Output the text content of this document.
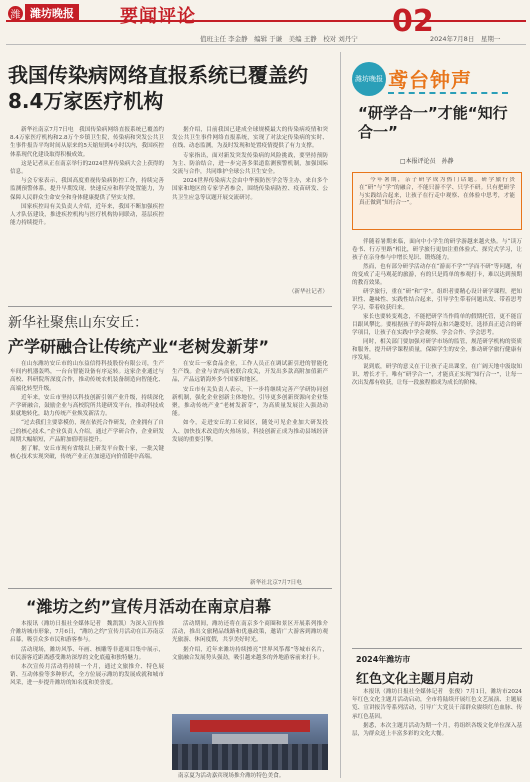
潍 潍坊晚报	要闻评论	02
值班主任 李金静　编辑 于谦　美编 王静　校对 刘丹宁	2024年7月8日　星期一
我国传染病网络直报系统已覆盖约8.4万家医疗机构

新华社南京7月7日电　我国传染病网络直报系统已覆盖约8.4万家医疗机构和2.8万个乡镇卫生院，传染病和突发公共卫生事件报告平均时间从原来的5天缩短到4小时以内，我国疾控体系现代化建设取得积极成效。

这是记者从正在南京举行的2024世界传染病大会上获得的信息。

与会专家表示，我国高度重视传染病防控工作，持续完善监测预警体系，提升早期发现、快速反应和科学处置能力，为保障人民群众生命安全和身体健康提供了坚实支撑。

国家疾控局有关负责人介绍，近年来，我国不断加强疾控人才队伍建设，推进疾控机构与医疗机构协同联动，基层疾控能力持续提升。

据介绍，目前我国已建成全球规模最大的传染病疫情和突发公共卫生事件网络直报系统，实现了对法定传染病的实时、在线、动态监测，为及时发现和处置疫情提供了有力支撑。

专家指出，面对新发突发传染病的风险挑战，要坚持预防为主、防治结合，进一步完善多渠道监测预警机制，加强国际交流与合作，共同维护全球公共卫生安全。

2024世界传染病大会由中华预防医学会等主办，来自多个国家和地区的专家学者参会，围绕传染病防控、疫苗研发、公共卫生应急等议题开展交流研讨。

（新华社记者）
新华社聚焦山东安丘：
产学研融合让传统产业“老树发新芽”

在山东潍坊安丘市的山东益信得科技股份有限公司，生产车间内机器轰鸣，一台台智能设备有序运转。这家企业通过与高校、科研院所深度合作，推动传统农机装备制造向智能化、高端化转型升级。

近年来，安丘市坚持以科技创新引领产业升级，持续深化产学研融合，鼓励企业与高校院所共建研发平台，推动科技成果就地转化，助力传统产业焕发新活力。

“过去我们主要靠模仿，现在依托合作研发，企业拥有了自己的核心技术。”企业负责人介绍，通过产学研合作，企业研发周期大幅缩短，产品附加值明显提升。

据了解，安丘市现有省级以上研发平台数十家，一批关键核心技术实现突破，传统产业正在加速迈向价值链中高端。

在安丘一家食品企业，工作人员正在调试新引进的智能化生产线。企业与省内高校联合攻关，开发出多款高附加值新产品，产品远销海外多个国家和地区。

安丘市有关负责人表示，下一步将继续完善产学研协同创新机制，强化企业创新主体地位，引导更多创新资源向企业集聚，推动传统产业“老树发新芽”，为高质量发展注入强劲动能。

如今，走进安丘的工业园区，随处可见企业加大研发投入、加快技术改造的火热场景，科技创新正成为推动县域经济发展的重要引擎。

新华社北京7月7日电
“潍坊之约”宣传月活动在南京启幕

本报讯（潍坊日报社全媒体记者　魏凯凯）为深入宣传推介潍坊城市形象，7月6日，“潍坊之约”宣传月活动在江苏南京启幕，吸引众多市民和游客参与。

活动现场，潍坊风筝、年画、核雕等非遗项目集中展示，市民游客近距离感受潍坊深厚的文化底蕴和独特魅力。

本次宣传月活动将持续一个月，通过文旅推介、特色展销、互动体验等多种形式，全方位展示潍坊的发展成就和城市风采，进一步提升潍坊的知名度和美誉度。

活动期间，潍坊还将在南京多个商圈和景区开展系列推介活动，推出文旅精品线路和优惠政策，邀请广大游客到潍坊观光旅游、休闲度假，共享美好时光。

据介绍，近年来潍坊持续擦亮“世界风筝都”等城市名片，文旅融合发展势头强劲，吸引越来越多的外地游客前来打卡。

南京夏为活动嘉宾现场推介潍坊特色美食。
潍坊晚报 鸢台钟声
“研学合一”才能“知行合一”
□本报评论员　孙静

今年暑期，亲子研学成为热门话题。研学旅行贵在“研”与“学”的融合，不能只游不学、只学不研。只有把研学与实践结合起来，让孩子在行走中观察、在体验中思考，才能真正做到“知行合一”。

伴随着暑期来临，面向中小学生的研学游越来越火热。与“读万卷书、行万里路”相比，研学旅行更加注重体验式、探究式学习，让孩子在亲身参与中增长见识、锻炼能力。

然而，也有部分研学活动存在“游而不学”“学而不研”等问题，有的变成了走马观花的旅游，有的只是简单的参观打卡，难以达到预期的教育效果。

研学旅行，重在“研”和“学”。组织者要精心设计研学课程，把知识性、趣味性、实践性结合起来，引导学生带着问题出发、带着思考学习、带着收获归来。

家长也要转变观念，不能把研学当作简单的假期托管，更不能盲目跟风攀比。要根据孩子的年龄特点和兴趣爱好，选择真正适合的研学项目，让孩子在实践中学会观察、学会合作、学会思考。

同时，相关部门要加强对研学市场的监管，规范研学机构的资质和服务，提升研学课程质量，保障学生的安全，推动研学旅行健康有序发展。

说到底，研学的意义在于让孩子走出课堂，在广阔天地中汲取知识、增长才干。唯有“研学合一”，才能真正实现“知行合一”，让每一次出发都有收获，让每一段旅程都成为成长的阶梯。

2024年潍坊市
红色文化主题月启动

本报讯（潍坊日报社全媒体记者　张俊）7月1日，潍坊市2024年红色文化主题月活动启动，全市将陆续开展红色文艺展演、主题展览、宣讲报告等系列活动，引导广大党员干部群众赓续红色血脉、传承红色基因。

据悉，本次主题月活动为期一个月，将组织各级文化单位深入基层，为群众送上丰富多彩的文化大餐。
